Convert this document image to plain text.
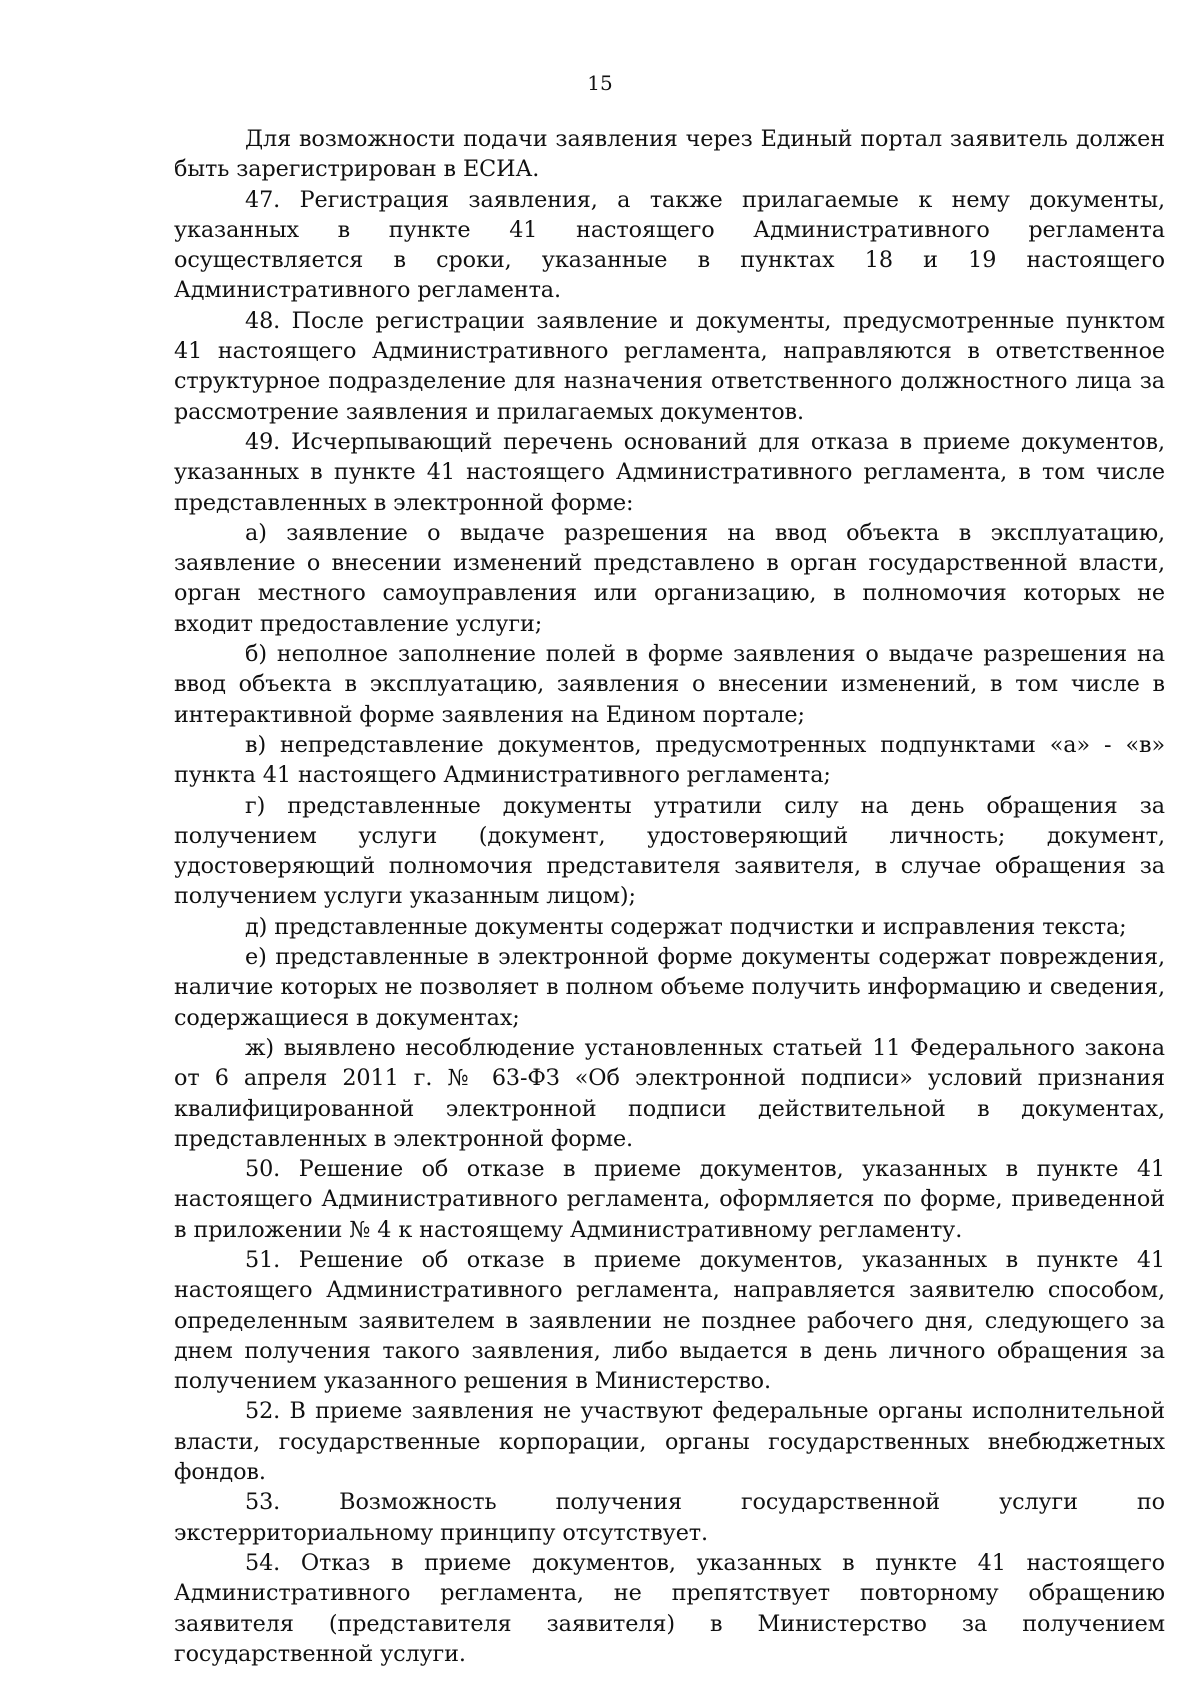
15

Для возможности подачи заявления через Единый портал заявитель должен быть зарегистрирован в ЕСИА.

47. Регистрация заявления, а также прилагаемые к нему документы, указанных в пункте 41 настоящего Административного регламента осуществляется в сроки, указанные в пунктах 18 и 19 настоящего Административного регламента.

48. После регистрации заявление и документы, предусмотренные пунктом 41 настоящего Административного регламента, направляются в ответственное структурное подразделение для назначения ответственного должностного лица за рассмотрение заявления и прилагаемых документов.

49. Исчерпывающий перечень оснований для отказа в приеме документов, указанных в пункте 41 настоящего Административного регламента, в том числе представленных в электронной форме:

а) заявление о выдаче разрешения на ввод объекта в эксплуатацию, заявление о внесении изменений представлено в орган государственной власти, орган местного самоуправления или организацию, в полномочия которых не входит предоставление услуги;

б) неполное заполнение полей в форме заявления о выдаче разрешения на ввод объекта в эксплуатацию, заявления о внесении изменений, в том числе в интерактивной форме заявления на Едином портале;

в) непредставление документов, предусмотренных подпунктами «а» - «в» пункта 41 настоящего Административного регламента;

г) представленные документы утратили силу на день обращения за получением услуги (документ, удостоверяющий личность; документ, удостоверяющий полномочия представителя заявителя, в случае обращения за получением услуги указанным лицом);

д) представленные документы содержат подчистки и исправления текста;

е) представленные в электронной форме документы содержат повреждения, наличие которых не позволяет в полном объеме получить информацию и сведения, содержащиеся в документах;

ж) выявлено несоблюдение установленных статьей 11 Федерального закона от 6 апреля 2011 г. № 63-ФЗ «Об электронной подписи» условий признания квалифицированной электронной подписи действительной в документах, представленных в электронной форме.

50. Решение об отказе в приеме документов, указанных в пункте 41 настоящего Административного регламента, оформляется по форме, приведенной в приложении № 4 к настоящему Административному регламенту.

51. Решение об отказе в приеме документов, указанных в пункте 41 настоящего Административного регламента, направляется заявителю способом, определенным заявителем в заявлении не позднее рабочего дня, следующего за днем получения такого заявления, либо выдается в день личного обращения за получением указанного решения в Министерство.

52. В приеме заявления не участвуют федеральные органы исполнительной власти, государственные корпорации, органы государственных внебюджетных фондов.

53. Возможность получения государственной услуги по экстерриториальному принципу отсутствует.

54. Отказ в приеме документов, указанных в пункте 41 настоящего Административного регламента, не препятствует повторному обращению заявителя (представителя заявителя) в Министерство за получением государственной услуги.
